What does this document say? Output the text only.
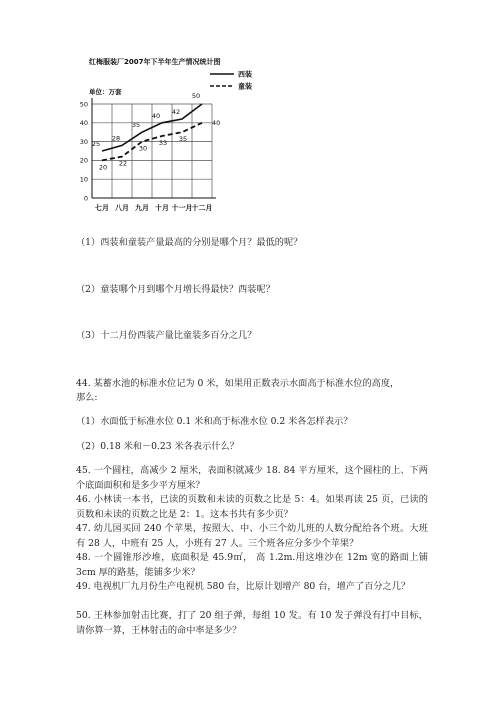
红梅服装厂2007年下半年生产情况统计图
单位：万套
西装
童装
0
10
20
30
40
50
七月 八月 九月 十月 十一月 十二月
25
28
35
40 42
50
20 22
30
33 35
40
（1）西装和童装产量最高的分别是哪个月？最低的呢？
（2）童装哪个月到哪个月增长得最快？西装呢？
（3）十二月份西装产量比童装多百分之几？
44. 某蓄水池的标准水位记为 0 米，如果用正数表示水面高于标准水位的高度，
那么:
（1）水面低于标准水位 0.1 米和高于标准水位 0.2 米各怎样表示？
（2）0.18 米和－0.23 米各表示什么？
45. 一个圆柱，高减少 2 厘米，表面积就减少 18. 84 平方厘米，这个圆柱的上、下两个底面面积和是多少平方厘米？
46. 小林读一本书，已读的页数和未读的页数之比是 5：4。如果再读 25 页，已读的页数和未读的页数之比是 2：1。这本书共有多少页？
47. 幼儿园买回 240 个苹果，按照大、中、小三个幼儿班的人数分配给各个班。大班有 28 人，中班有 25 人，小班有 27 人。三个班各应分多少个苹果？
48. 一个圆锥形沙堆，底面积是 45.9㎡， 高 1.2m.用这堆沙在 12m 宽的路面上铺 3cm 厚的路基，能铺多少米？
49. 电视机厂九月份生产电视机 580 台，比原计划增产 80 台，增产了百分之几？
50. 王林参加射击比赛，打了 20 组子弹，每组 10 发。有 10 发子弹没有打中目标，请你算一算，王林射击的命中率是多少？
